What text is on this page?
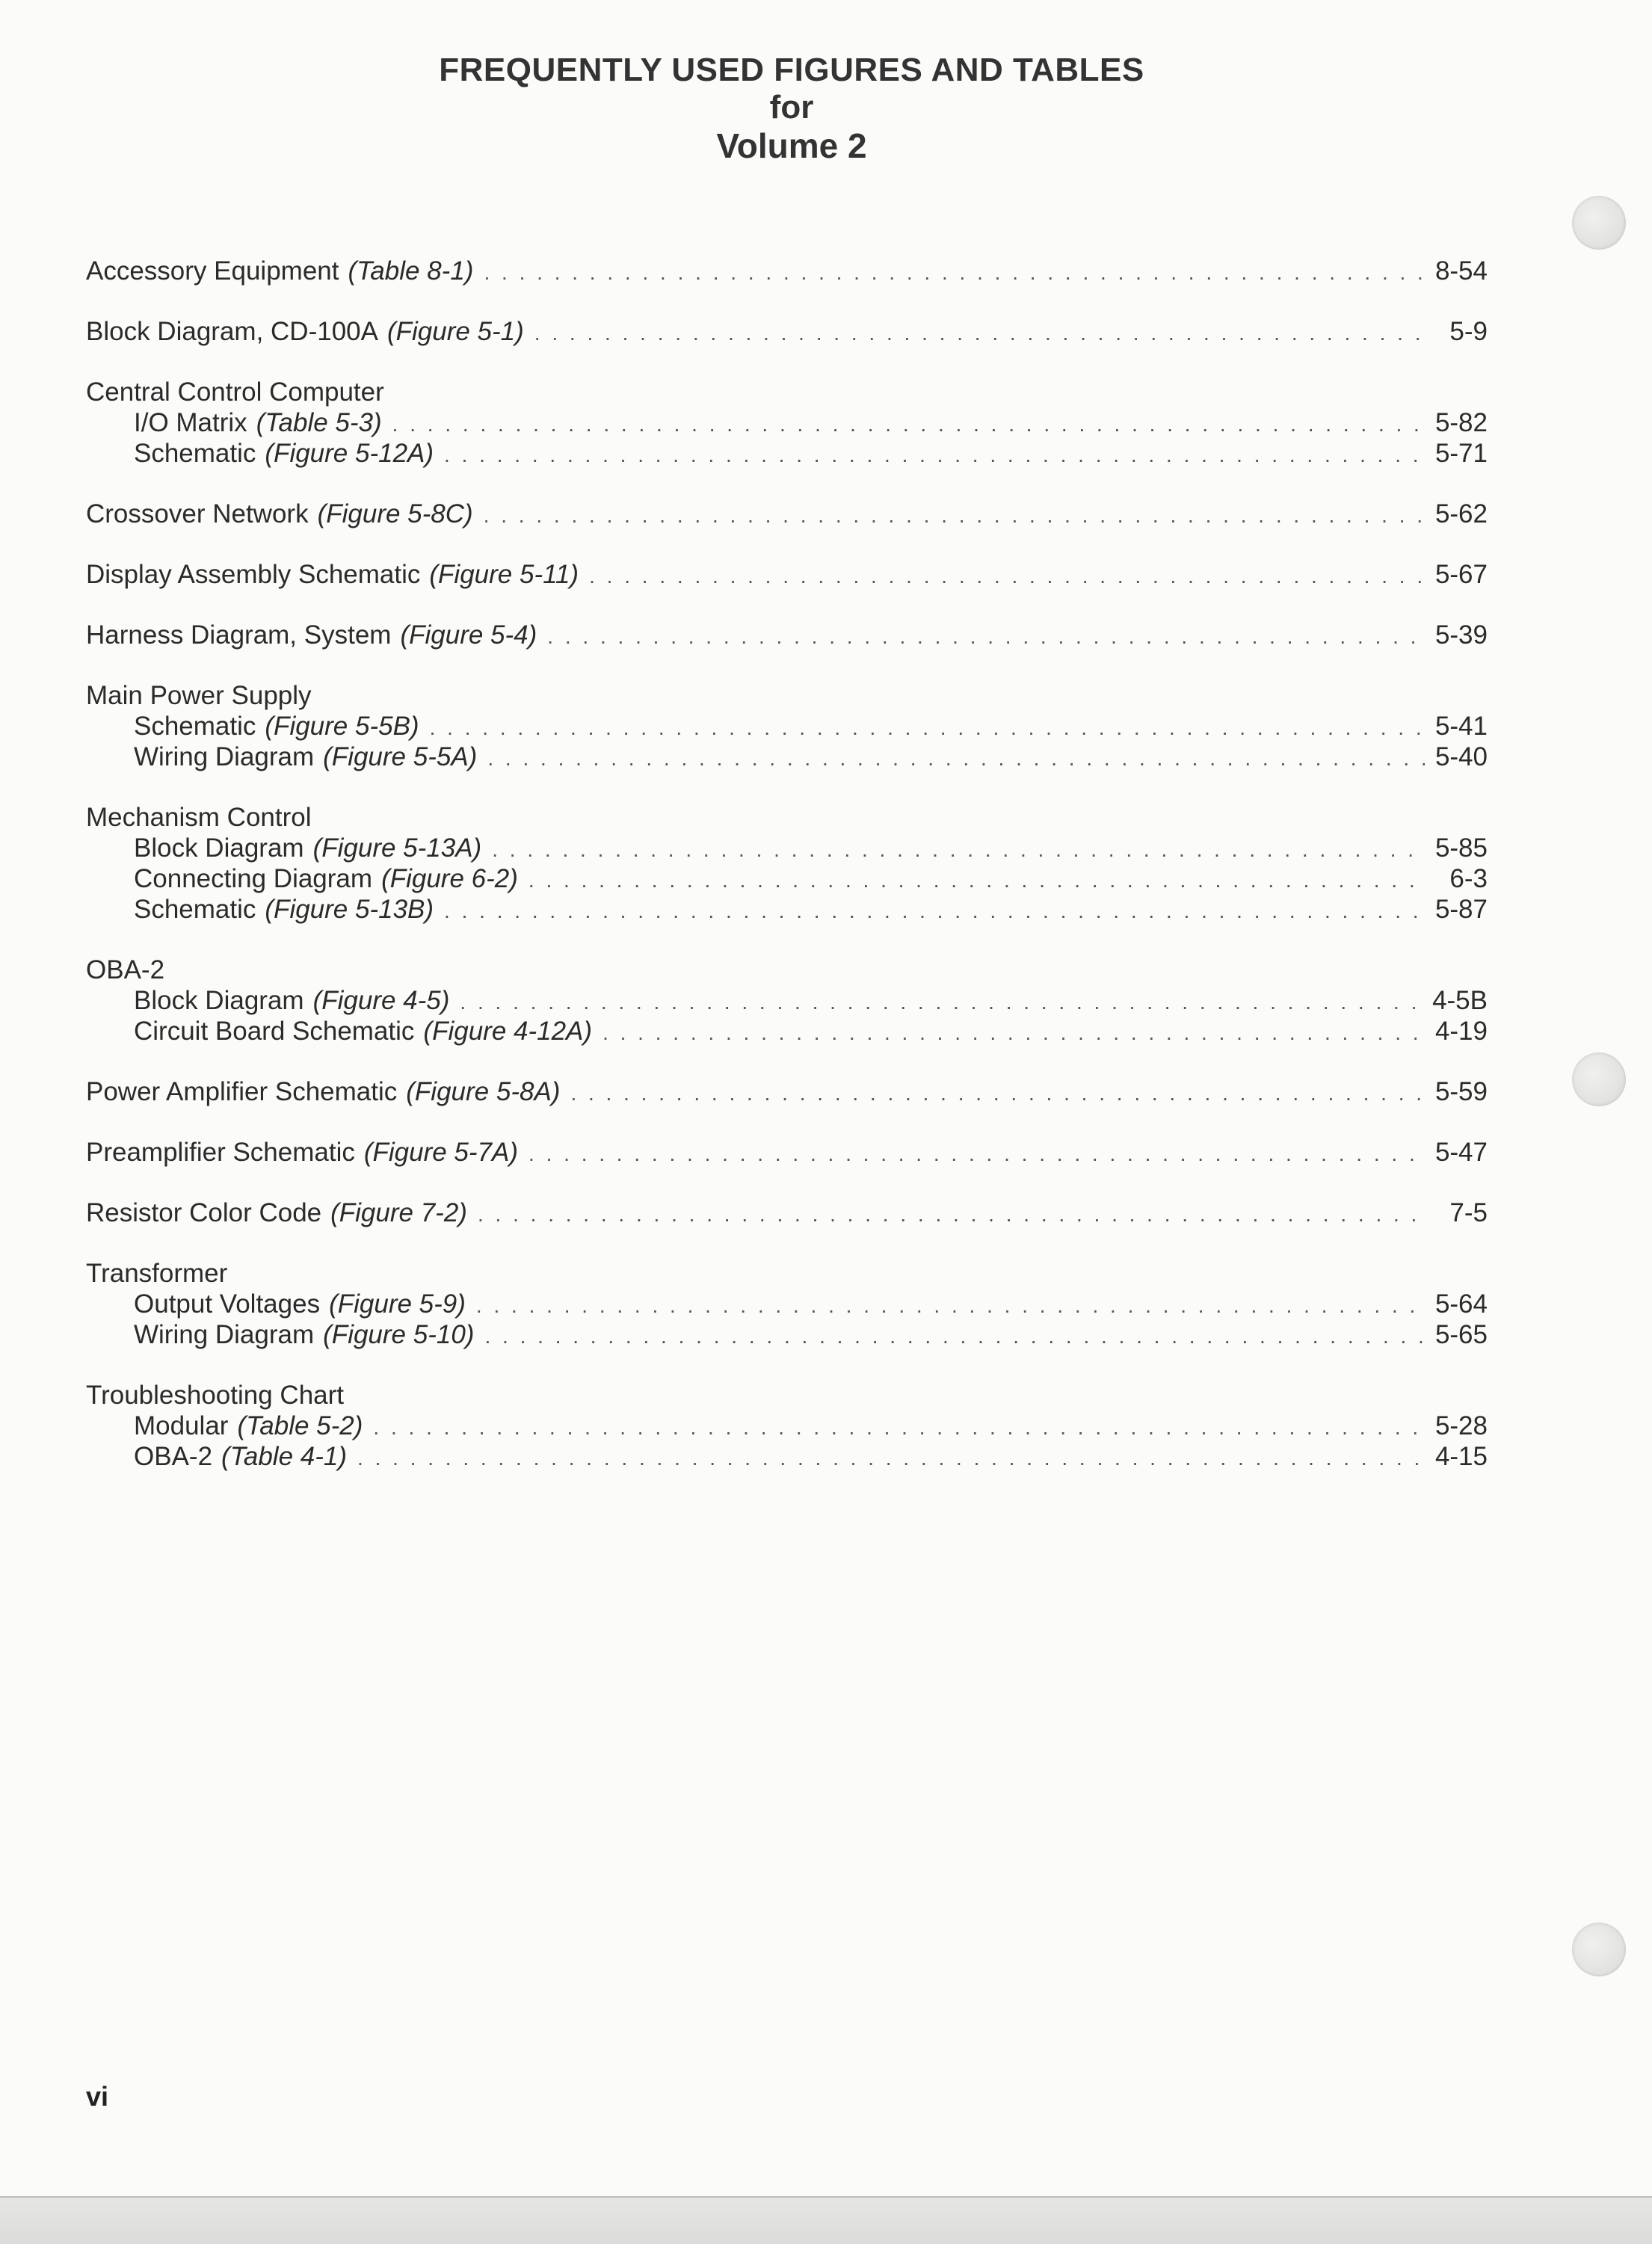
FREQUENTLY USED FIGURES AND TABLES
for
Volume 2
Accessory Equipment (Table 8-1) . . .	8-54
Block Diagram, CD-100A (Figure 5-1) . . .	5-9
Central Control Computer
I/O Matrix (Table 5-3) . . .	5-82
Schematic (Figure 5-12A) . . .	5-71
Crossover Network (Figure 5-8C) . . .	5-62
Display Assembly Schematic (Figure 5-11) . . .	5-67
Harness Diagram, System (Figure 5-4) . . .	5-39
Main Power Supply
Schematic (Figure 5-5B) . . .	5-41
Wiring Diagram (Figure 5-5A) . . .	5-40
Mechanism Control
Block Diagram (Figure 5-13A) . . .	5-85
Connecting Diagram (Figure 6-2) . . .	6-3
Schematic (Figure 5-13B) . . .	5-87
OBA-2
Block Diagram (Figure 4-5) . . .	4-5B
Circuit Board Schematic (Figure 4-12A) . . .	4-19
Power Amplifier Schematic (Figure 5-8A) . . .	5-59
Preamplifier Schematic (Figure 5-7A) . . .	5-47
Resistor Color Code (Figure 7-2) . . .	7-5
Transformer
Output Voltages (Figure 5-9) . . .	5-64
Wiring Diagram (Figure 5-10) . . .	5-65
Troubleshooting Chart
Modular (Table 5-2) . . .	5-28
OBA-2 (Table 4-1) . . .	4-15
vi
